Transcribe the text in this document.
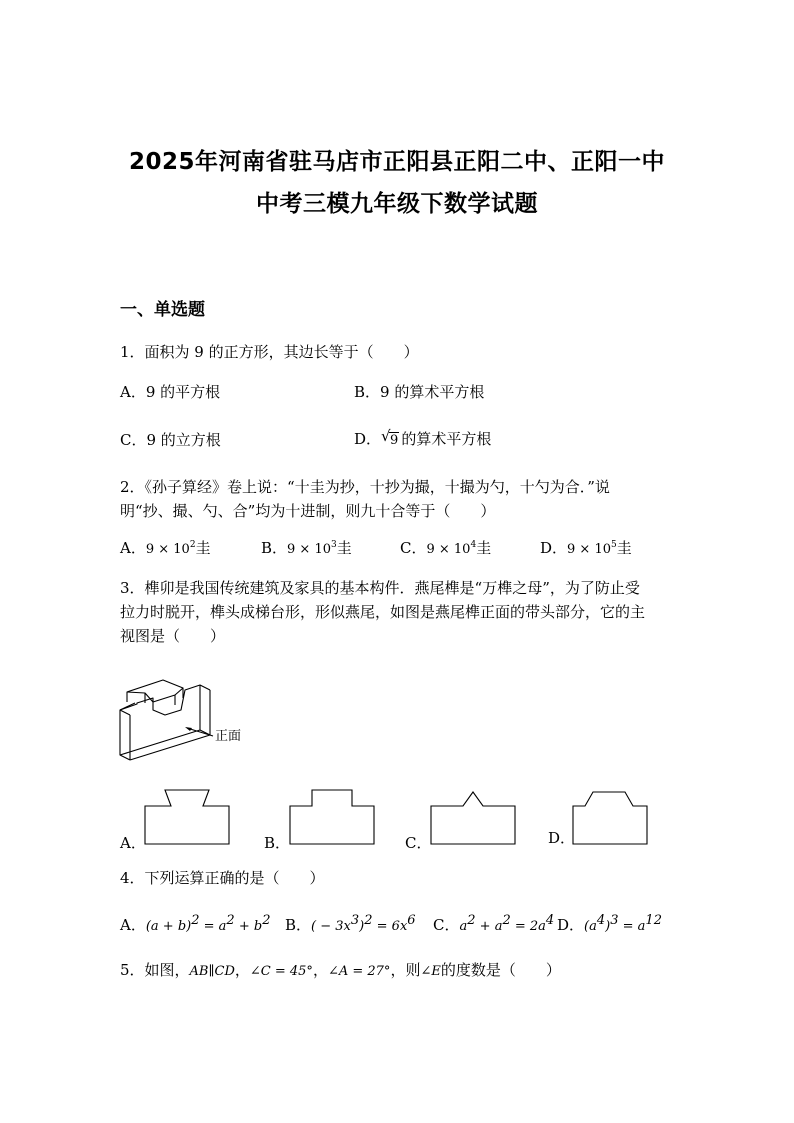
2025年河南省驻马店市正阳县正阳二中、正阳一中
中考三模九年级下数学试题
一、单选题
1．面积为 9 的正方形，其边长等于（　　）
A．9 的平方根	B．9 的算术平方根
C．9 的立方根	D． √ 9 的算术平方根
2．《孙子算经》卷上说：“十圭为抄，十抄为撮，十撮为勺，十勺为合．”说
明“抄、撮、勺、合”均为十进制，则九十合等于（　　）
A．$9 \times 10^2$圭	B．$9 \times 10^3$圭	C．$9 \times 10^4$圭	D．$9 \times 10^5$圭
3．榫卯是我国传统建筑及家具的基本构件．燕尾榫是“万榫之母”，为了防止受
拉力时脱开，榫头成梯台形，形似燕尾，如图是燕尾榫正面的带头部分，它的主
视图是（　　）
正面
A．	B．	C．	D．
4．下列运算正确的是（　　）
A．$(a + b)^2 = a^2 + b^2$ B．( − $3x^3)^2 = 6x^6$ C．$a^2 + a^2 = 2a^4$ D．$(a^4)^3 = a^{12}$
5．如图，AB∥CD，∠C = 45°，∠A = 27°，则∠E的度数是（　　）
